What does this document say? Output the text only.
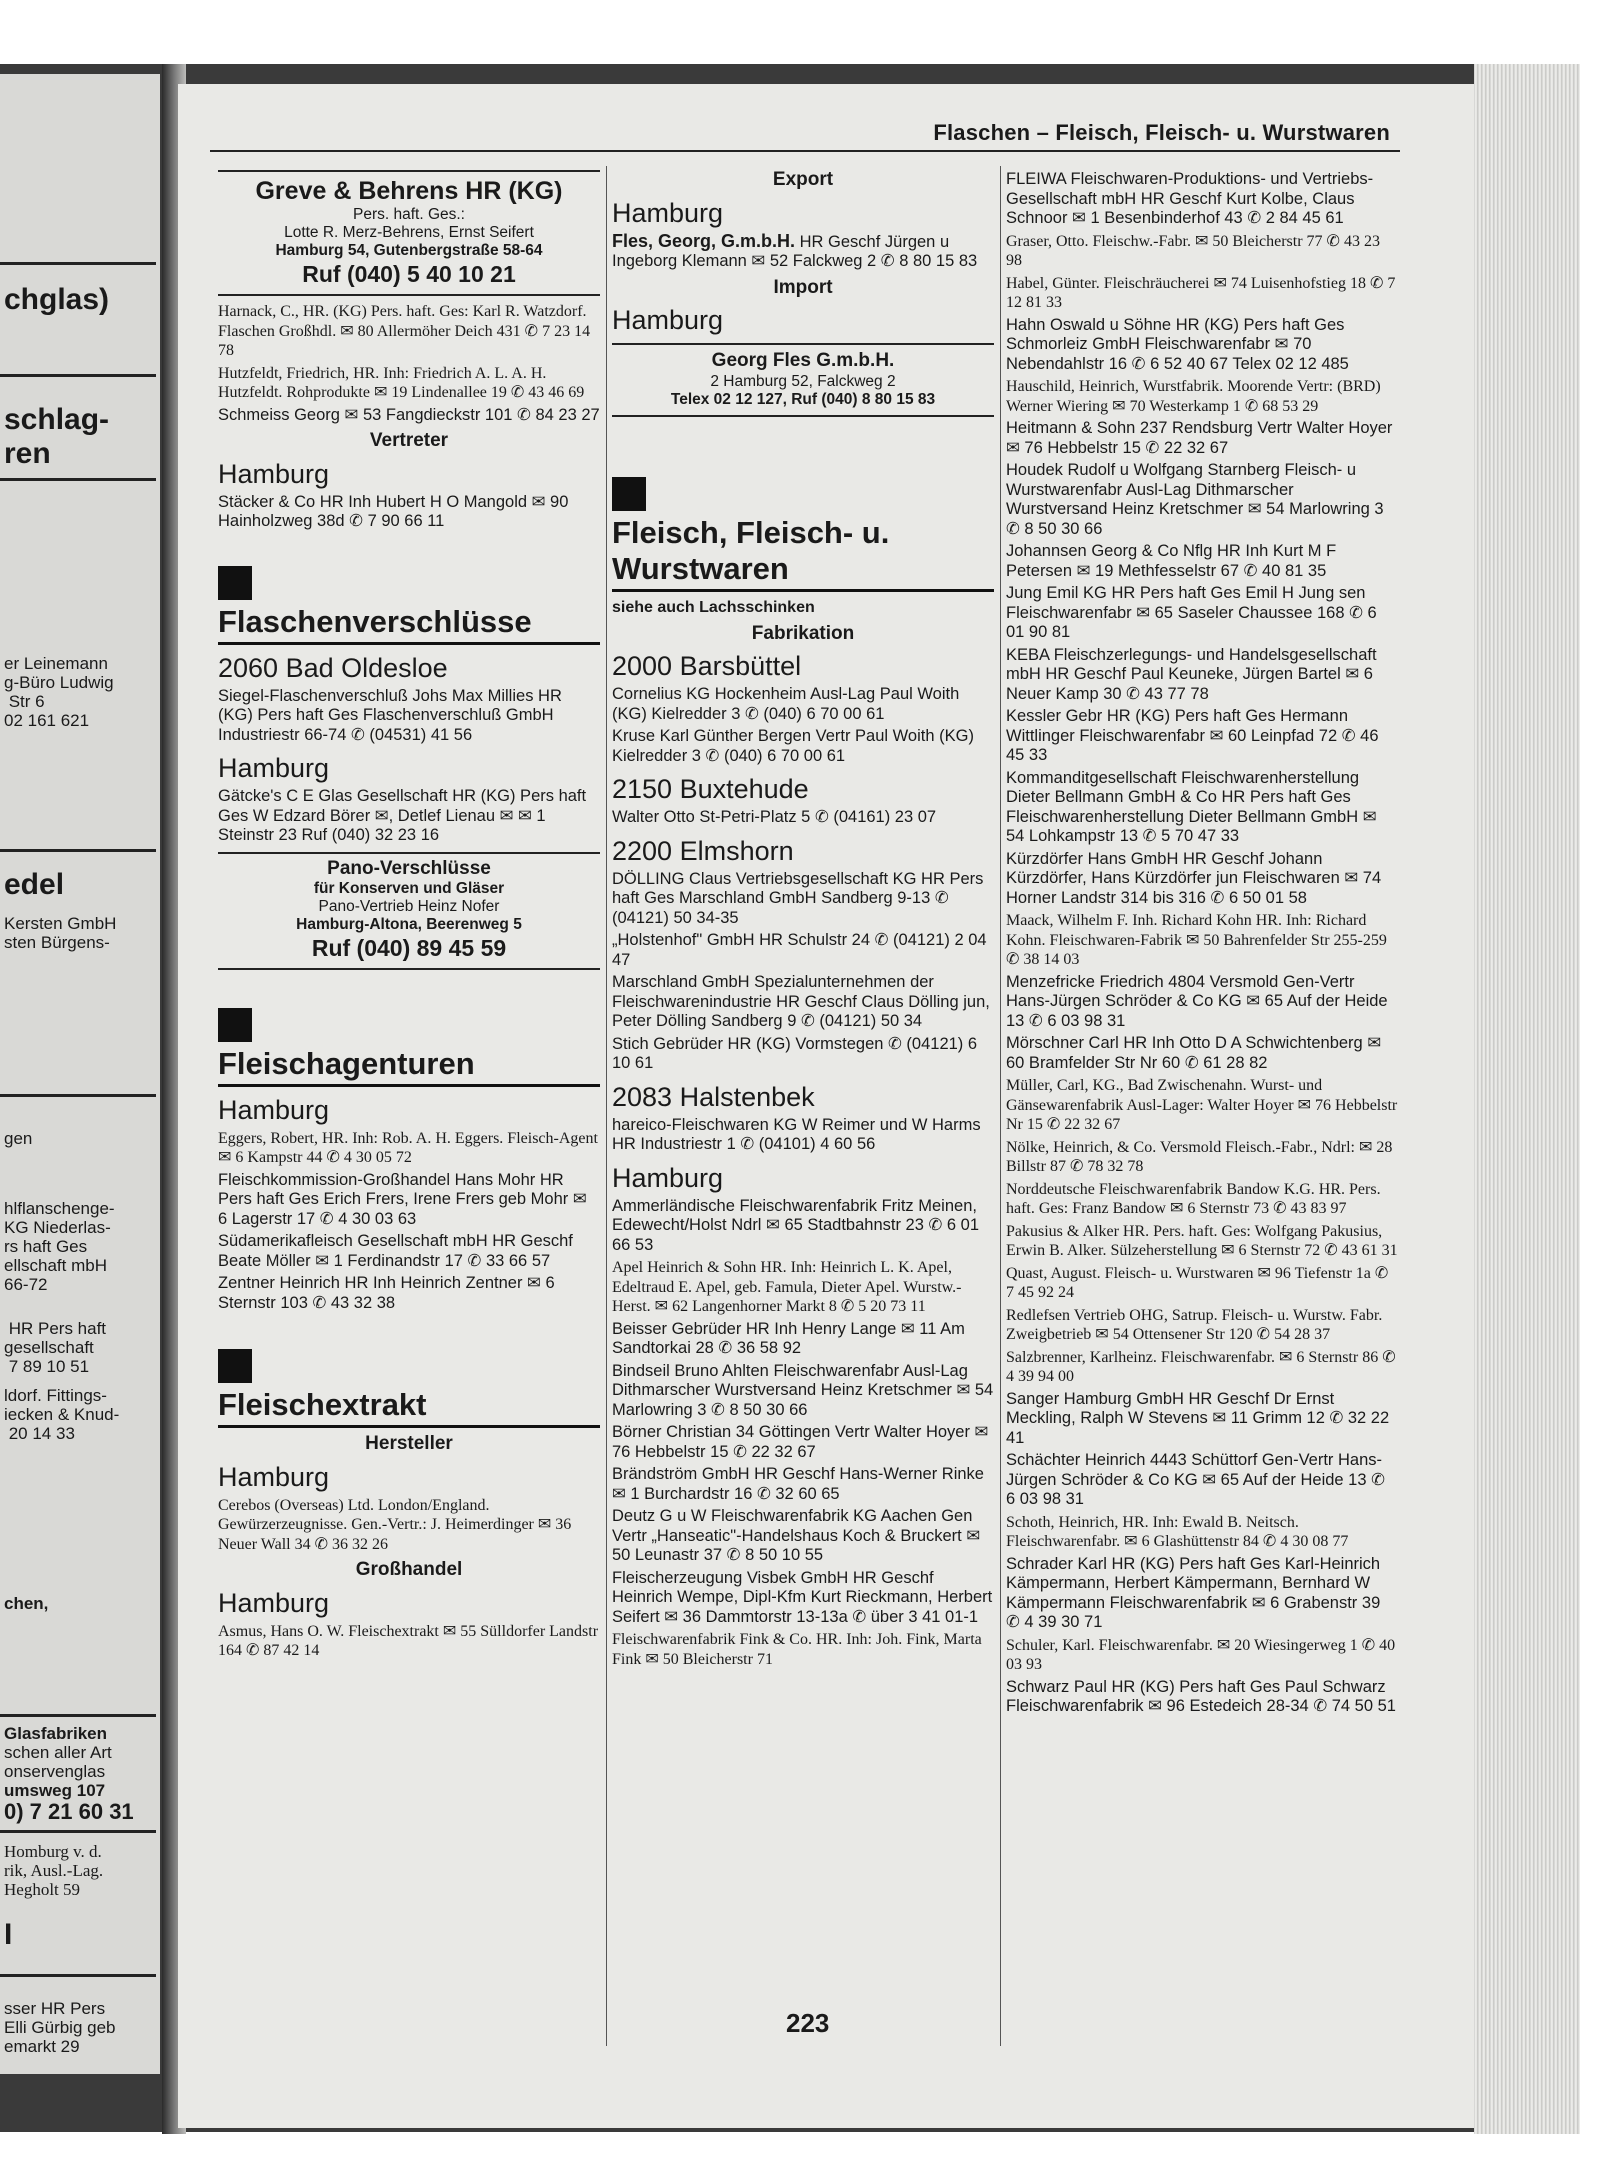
chglas)
schlag-
ren
er Leinemann
g-Büro Ludwig
Str 6
02 161 621
edel
Kersten GmbH
sten Bürgens-
gen
hlflanschenge-
KG Niederlas-
rs haft Ges
ellschaft mbH
66-72
HR Pers haft
gesellschaft
7 89 10 51
ldorf. Fittings-
iecken & Knud-
20 14 33
chen,
Glasfabriken
schen aller Art
onservenglas
umsweg 107
0) 7 21 60 31
Homburg v. d.
rik, Ausl.-Lag.
Hegholt 59
I
sser HR Pers
Elli Gürbig geb
emarkt 29
Flaschen – Fleisch, Fleisch- u. Wurstwaren
Greve & Behrens HR (KG)
Pers. haft. Ges.:
Lotte R. Merz-Behrens, Ernst Seifert
Hamburg 54, Gutenbergstraße 58-64
Ruf (040) 5 40 10 21
Harnack, C., HR. (KG) Pers. haft. Ges: Karl R. Watzdorf. Flaschen Großhdl. ✉ 80 Allermöher Deich 431 ✆ 7 23 14 78
Hutzfeldt, Friedrich, HR. Inh: Friedrich A. L. A. H. Hutzfeldt. Rohprodukte ✉ 19 Lindenallee 19 ✆ 43 46 69
Schmeiss Georg ✉ 53 Fangdieckstr 101 ✆ 84 23 27
Vertreter
Hamburg
Stäcker & Co HR Inh Hubert H O Mangold ✉ 90 Hainholzweg 38d ✆ 7 90 66 11
Flaschenverschlüsse
2060 Bad Oldesloe
Siegel-Flaschenverschluß Johs Max Millies HR (KG) Pers haft Ges Flaschenverschluß GmbH Industriestr 66-74 ✆ (04531) 41 56
Hamburg
Gätcke's C E Glas Gesellschaft HR (KG) Pers haft Ges W Edzard Börer ✉, Detlef Lienau ✉ ✉ 1 Steinstr 23 Ruf (040) 32 23 16
Pano-Verschlüsse
für Konserven und Gläser
Pano-Vertrieb Heinz Nofer
Hamburg-Altona, Beerenweg 5
Ruf (040) 89 45 59
Fleischagenturen
Hamburg
Eggers, Robert, HR. Inh: Rob. A. H. Eggers. Fleisch-Agent ✉ 6 Kampstr 44 ✆ 4 30 05 72
Fleischkommission-Großhandel Hans Mohr HR Pers haft Ges Erich Frers, Irene Frers geb Mohr ✉ 6 Lagerstr 17 ✆ 4 30 03 63
Südamerikafleisch Gesellschaft mbH HR Geschf Beate Möller ✉ 1 Ferdinandstr 17 ✆ 33 66 57
Zentner Heinrich HR Inh Heinrich Zentner ✉ 6 Sternstr 103 ✆ 43 32 38
Fleischextrakt
Hersteller
Hamburg
Cerebos (Overseas) Ltd. London/England. Gewürzerzeugnisse. Gen.-Vertr.: J. Heimerdinger ✉ 36 Neuer Wall 34 ✆ 36 32 26
Großhandel
Hamburg
Asmus, Hans O. W. Fleischextrakt ✉ 55 Sülldorfer Landstr 164 ✆ 87 42 14
Export
Hamburg
Fles, Georg, G.m.b.H. HR Geschf Jürgen u Ingeborg Klemann ✉ 52 Falckweg 2 ✆ 8 80 15 83
Import
Hamburg
Georg Fles G.m.b.H.
2 Hamburg 52, Falckweg 2
Telex 02 12 127, Ruf (040) 8 80 15 83
Fleisch, Fleisch- u. Wurstwaren
siehe auch Lachsschinken
Fabrikation
2000 Barsbüttel
Cornelius KG Hockenheim Ausl-Lag Paul Woith (KG) Kielredder 3 ✆ (040) 6 70 00 61
Kruse Karl Günther Bergen Vertr Paul Woith (KG) Kielredder 3 ✆ (040) 6 70 00 61
2150 Buxtehude
Walter Otto St-Petri-Platz 5 ✆ (04161) 23 07
2200 Elmshorn
DÖLLING Claus Vertriebsgesellschaft KG HR Pers haft Ges Marschland GmbH Sandberg 9-13 ✆ (04121) 50 34-35
„Holstenhof" GmbH HR Schulstr 24 ✆ (04121) 2 04 47
Marschland GmbH Spezialunternehmen der Fleischwarenindustrie HR Geschf Claus Dölling jun, Peter Dölling Sandberg 9 ✆ (04121) 50 34
Stich Gebrüder HR (KG) Vormstegen ✆ (04121) 6 10 61
2083 Halstenbek
hareico-Fleischwaren KG W Reimer und W Harms HR Industriestr 1 ✆ (04101) 4 60 56
Hamburg
Ammerländische Fleischwarenfabrik Fritz Meinen, Edewecht/Holst Ndrl ✉ 65 Stadtbahnstr 23 ✆ 6 01 66 53
Apel Heinrich & Sohn HR. Inh: Heinrich L. K. Apel, Edeltraud E. Apel, geb. Famula, Dieter Apel. Wurstw.-Herst. ✉ 62 Langenhorner Markt 8 ✆ 5 20 73 11
Beisser Gebrüder HR Inh Henry Lange ✉ 11 Am Sandtorkai 28 ✆ 36 58 92
Bindseil Bruno Ahlten Fleischwarenfabr Ausl-Lag Dithmarscher Wurstversand Heinz Kretschmer ✉ 54 Marlowring 3 ✆ 8 50 30 66
Börner Christian 34 Göttingen Vertr Walter Hoyer ✉ 76 Hebbelstr 15 ✆ 22 32 67
Brändström GmbH HR Geschf Hans-Werner Rinke ✉ 1 Burchardstr 16 ✆ 32 60 65
Deutz G u W Fleischwarenfabrik KG Aachen Gen Vertr „Hanseatic"-Handelshaus Koch & Bruckert ✉ 50 Leunastr 37 ✆ 8 50 10 55
Fleischerzeugung Visbek GmbH HR Geschf Heinrich Wempe, Dipl-Kfm Kurt Rieckmann, Herbert Seifert ✉ 36 Dammtorstr 13-13a ✆ über 3 41 01-1
Fleischwarenfabrik Fink & Co. HR. Inh: Joh. Fink, Marta Fink ✉ 50 Bleicherstr 71
FLEIWA Fleischwaren-Produktions- und Vertriebs-Gesellschaft mbH HR Geschf Kurt Kolbe, Claus Schnoor ✉ 1 Besenbinderhof 43 ✆ 2 84 45 61
Graser, Otto. Fleischw.-Fabr. ✉ 50 Bleicherstr 77 ✆ 43 23 98
Habel, Günter. Fleischräucherei ✉ 74 Luisenhofstieg 18 ✆ 7 12 81 33
Hahn Oswald u Söhne HR (KG) Pers haft Ges Schmorleiz GmbH Fleischwarenfabr ✉ 70 Nebendahlstr 16 ✆ 6 52 40 67 Telex 02 12 485
Hauschild, Heinrich, Wurstfabrik. Moorende Vertr: (BRD) Werner Wiering ✉ 70 Westerkamp 1 ✆ 68 53 29
Heitmann & Sohn 237 Rendsburg Vertr Walter Hoyer ✉ 76 Hebbelstr 15 ✆ 22 32 67
Houdek Rudolf u Wolfgang Starnberg Fleisch- u Wurstwarenfabr Ausl-Lag Dithmarscher Wurstversand Heinz Kretschmer ✉ 54 Marlowring 3 ✆ 8 50 30 66
Johannsen Georg & Co Nflg HR Inh Kurt M F Petersen ✉ 19 Methfesselstr 67 ✆ 40 81 35
Jung Emil KG HR Pers haft Ges Emil H Jung sen Fleischwarenfabr ✉ 65 Saseler Chaussee 168 ✆ 6 01 90 81
KEBA Fleischzerlegungs- und Handelsgesellschaft mbH HR Geschf Paul Keuneke, Jürgen Bartel ✉ 6 Neuer Kamp 30 ✆ 43 77 78
Kessler Gebr HR (KG) Pers haft Ges Hermann Wittlinger Fleischwarenfabr ✉ 60 Leinpfad 72 ✆ 46 45 33
Kommanditgesellschaft Fleischwarenherstellung Dieter Bellmann GmbH & Co HR Pers haft Ges Fleischwarenherstellung Dieter Bellmann GmbH ✉ 54 Lohkampstr 13 ✆ 5 70 47 33
Kürzdörfer Hans GmbH HR Geschf Johann Kürzdörfer, Hans Kürzdörfer jun Fleischwaren ✉ 74 Horner Landstr 314 bis 316 ✆ 6 50 01 58
Maack, Wilhelm F. Inh. Richard Kohn HR. Inh: Richard Kohn. Fleischwaren-Fabrik ✉ 50 Bahrenfelder Str 255-259 ✆ 38 14 03
Menzefricke Friedrich 4804 Versmold Gen-Vertr Hans-Jürgen Schröder & Co KG ✉ 65 Auf der Heide 13 ✆ 6 03 98 31
Mörschner Carl HR Inh Otto D A Schwichtenberg ✉ 60 Bramfelder Str Nr 60 ✆ 61 28 82
Müller, Carl, KG., Bad Zwischenahn. Wurst- und Gänsewarenfabrik Ausl-Lager: Walter Hoyer ✉ 76 Hebbelstr Nr 15 ✆ 22 32 67
Nölke, Heinrich, & Co. Versmold Fleisch.-Fabr., Ndrl: ✉ 28 Billstr 87 ✆ 78 32 78
Norddeutsche Fleischwarenfabrik Bandow K.G. HR. Pers. haft. Ges: Franz Bandow ✉ 6 Sternstr 73 ✆ 43 83 97
Pakusius & Alker HR. Pers. haft. Ges: Wolfgang Pakusius, Erwin B. Alker. Sülzeherstellung ✉ 6 Sternstr 72 ✆ 43 61 31
Quast, August. Fleisch- u. Wurstwaren ✉ 96 Tiefenstr 1a ✆ 7 45 92 24
Redlefsen Vertrieb OHG, Satrup. Fleisch- u. Wurstw. Fabr. Zweigbetrieb ✉ 54 Ottensener Str 120 ✆ 54 28 37
Salzbrenner, Karlheinz. Fleischwarenfabr. ✉ 6 Sternstr 86 ✆ 4 39 94 00
Sanger Hamburg GmbH HR Geschf Dr Ernst Meckling, Ralph W Stevens ✉ 11 Grimm 12 ✆ 32 22 41
Schächter Heinrich 4443 Schüttorf Gen-Vertr Hans-Jürgen Schröder & Co KG ✉ 65 Auf der Heide 13 ✆ 6 03 98 31
Schoth, Heinrich, HR. Inh: Ewald B. Neitsch. Fleischwarenfabr. ✉ 6 Glashüttenstr 84 ✆ 4 30 08 77
Schrader Karl HR (KG) Pers haft Ges Karl-Heinrich Kämpermann, Herbert Kämpermann, Bernhard W Kämpermann Fleischwarenfabrik ✉ 6 Grabenstr 39 ✆ 4 39 30 71
Schuler, Karl. Fleischwarenfabr. ✉ 20 Wiesingerweg 1 ✆ 40 03 93
Schwarz Paul HR (KG) Pers haft Ges Paul Schwarz Fleischwarenfabrik ✉ 96 Estedeich 28-34 ✆ 74 50 51
223
